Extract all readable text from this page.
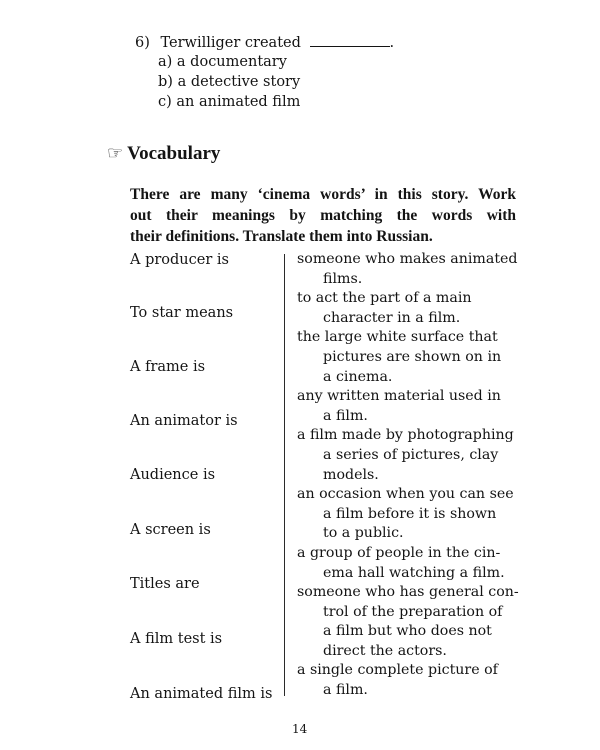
6) Terwilliger created	.
a) a documentary
b) a detective story
c) an animated film
☞ Vocabulary
There are many ‘cinema words’ in this story. Work
out their meanings by matching the words with
their definitions. Translate them into Russian.
A producer is
To star means
A frame is
An animator is
Audience is
A screen is
Titles are
A film test is
An animated film is
someone who makes animated
films.
to act the part of a main
character in a film.
the large white surface that
pictures are shown on in
a cinema.
any written material used in
a film.
a film made by photographing
a series of pictures, clay
models.
an occasion when you can see
a film before it is shown
to a public.
a group of people in the cin-
ema hall watching a film.
someone who has general con-
trol of the preparation of
a film but who does not
direct the actors.
a single complete picture of
a film.
14
